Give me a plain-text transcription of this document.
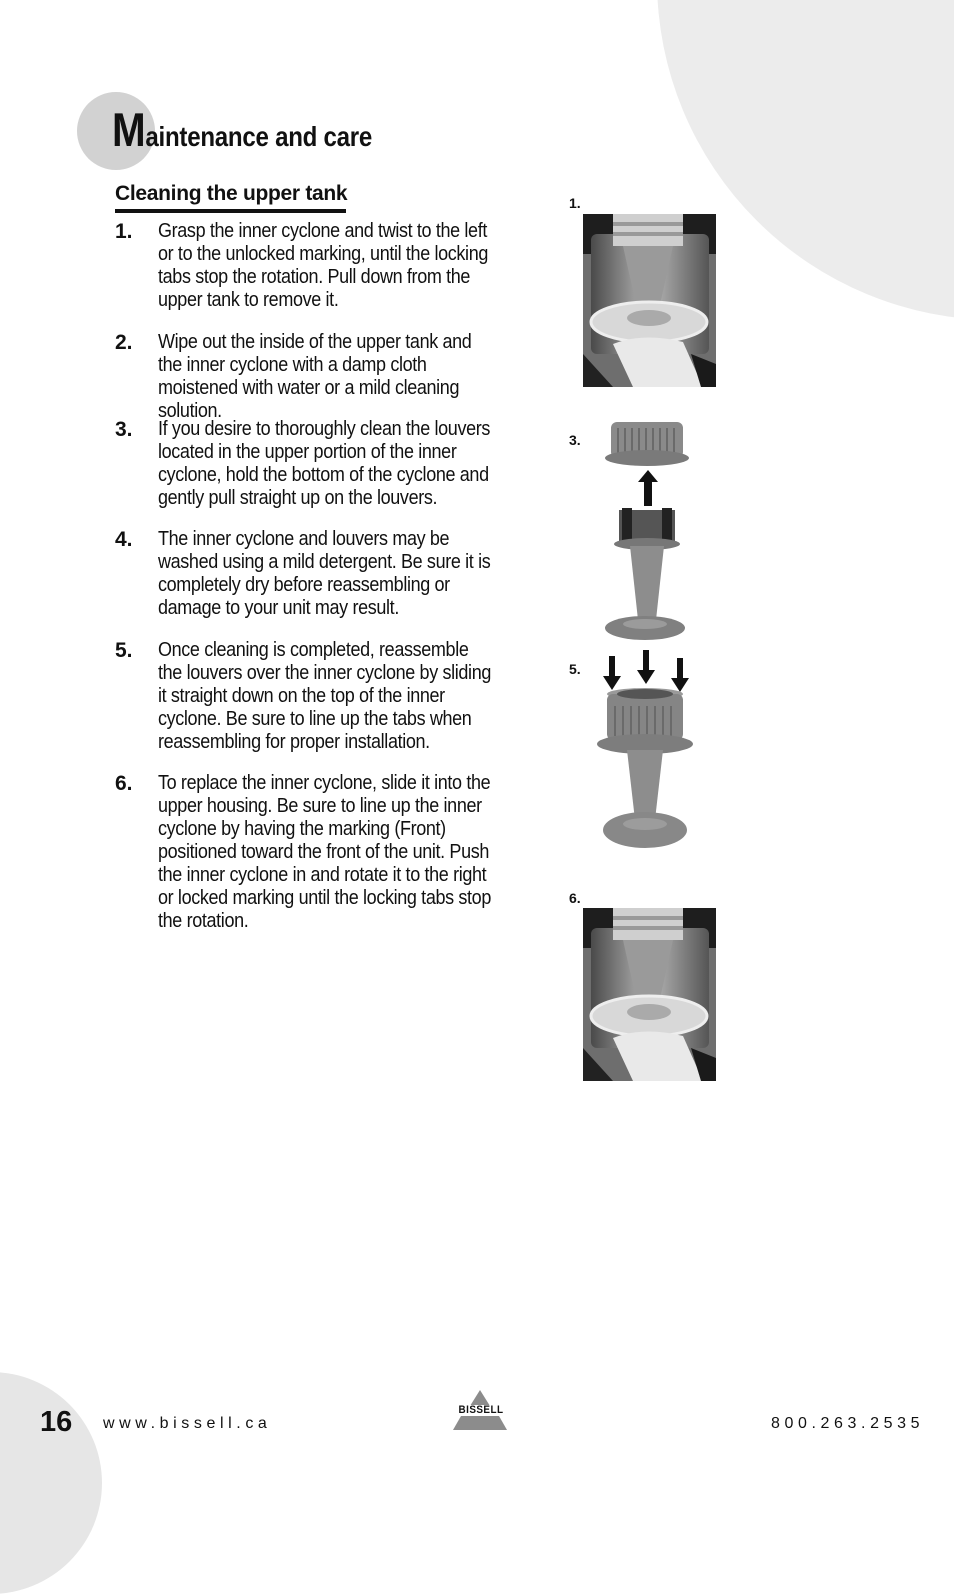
Maintenance and care
Cleaning the upper tank
1. Grasp the inner cyclone and twist to the left or to the unlocked marking, until the locking tabs stop the rotation. Pull down from the upper tank to remove it.
2. Wipe out the inside of the upper tank and the inner cyclone with a damp cloth moistened with water or a mild cleaning solution.
3. If you desire to thoroughly clean the louvers located in the upper portion of the inner cyclone, hold the bottom of the cyclone and gently pull straight up on the louvers.
4. The inner cyclone and louvers may be washed using a mild detergent. Be sure it is completely dry before reassembling or damage to your unit may result.
5. Once cleaning is completed, reassemble the louvers over the inner cyclone by sliding it straight down on the top of the inner cyclone. Be sure to line up the tabs when reassembling for proper installation.
6. To replace the inner cyclone, slide it into the upper housing. Be sure to line up the inner cyclone by having the marking (Front) positioned toward the front of the unit. Push the inner cyclone in and rotate it to the right or locked marking until the locking tabs stop the rotation.
1.
3.
5.
6.
16 www.bissell.ca
BISSELL
800.263.2535
